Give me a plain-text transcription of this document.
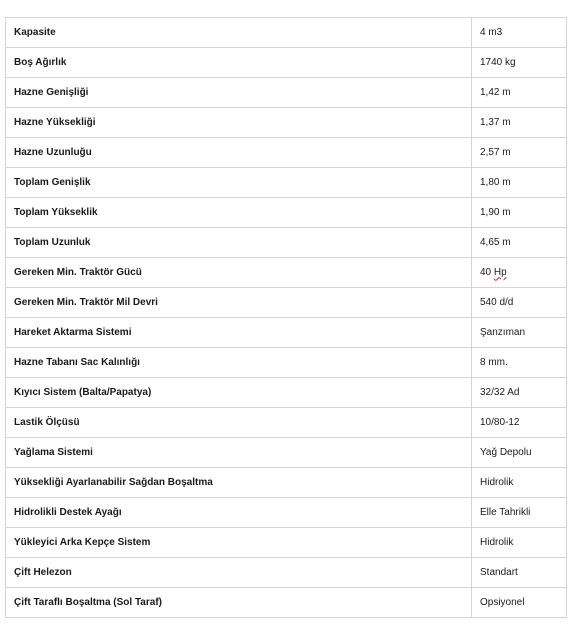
Kapasite	4 m3
Boş Ağırlık	1740 kg
Hazne Genişliği	1,42 m
Hazne Yüksekliği	1,37 m
Hazne Uzunluğu	2,57 m
Toplam Genişlik	1,80 m
Toplam Yükseklik	1,90 m
Toplam Uzunluk	4,65 m
Gereken Min. Traktör Gücü	40 Hp
Gereken Min. Traktör Mil Devri	540 d/d
Hareket Aktarma Sistemi	Şanzıman
Hazne Tabanı Sac Kalınlığı	8 mm.
Kıyıcı Sistem (Balta/Papatya)	32/32 Ad
Lastik Ölçüsü	10/80-12
Yağlama Sistemi	Yağ Depolu
Yüksekliği Ayarlanabilir Sağdan Boşaltma	Hidrolik
Hidrolikli Destek Ayağı	Elle Tahrikli
Yükleyici Arka Kepçe Sistem	Hidrolik
Çift Helezon	Standart
Çift Taraflı Boşaltma (Sol Taraf)	Opsiyonel
